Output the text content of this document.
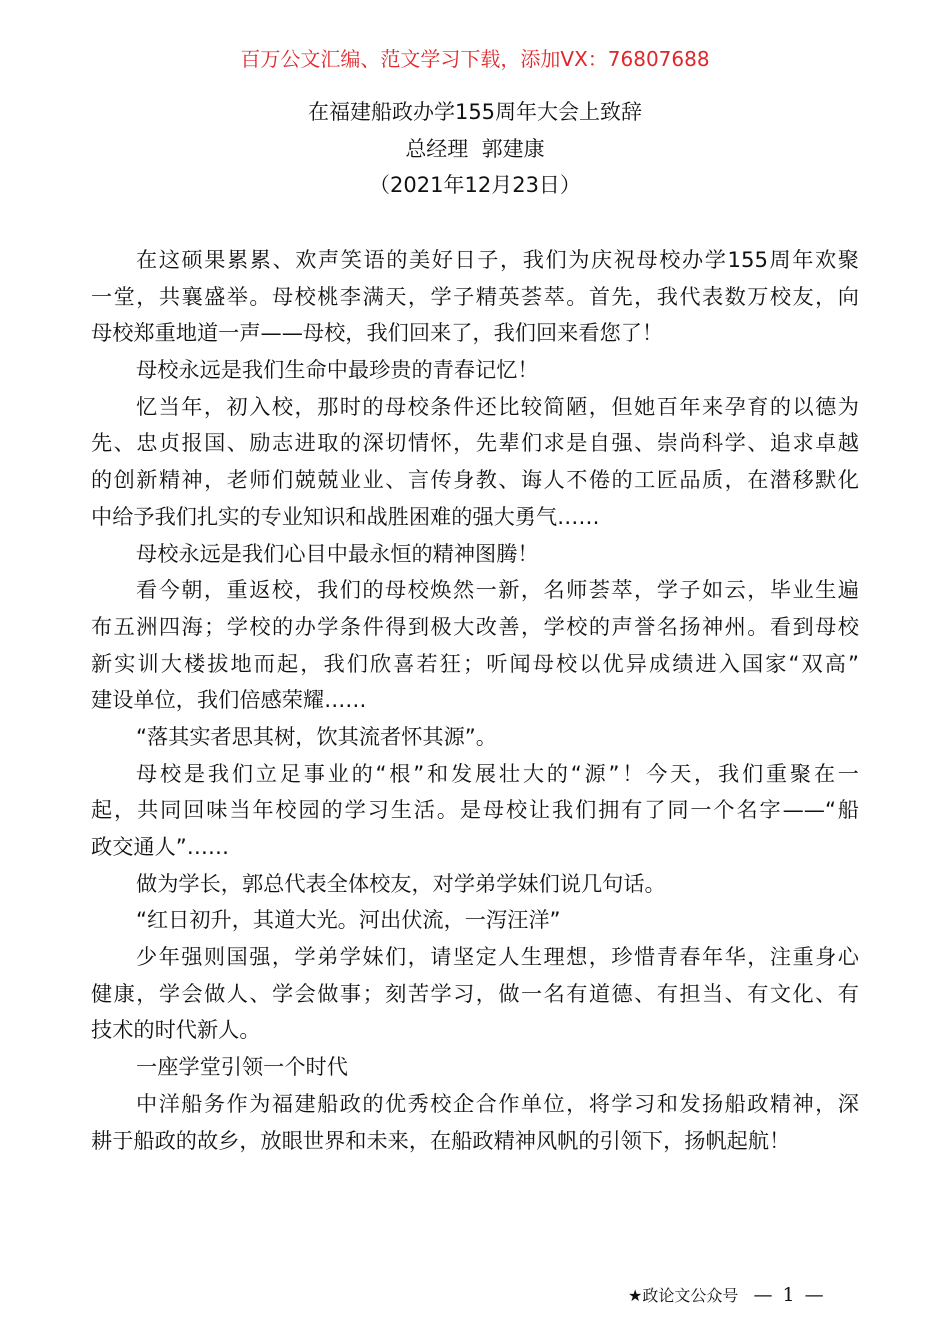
百万公文汇编、范文学习下载，添加VX：76807688
在福建船政办学155周年大会上致辞
总经理  郭建康
（2021年12月23日）
在这硕果累累、欢声笑语的美好日子，我们为庆祝母校办学155周年欢聚
一堂，共襄盛举。母校桃李满天，学子精英荟萃。首先，我代表数万校友，向
母校郑重地道一声——母校，我们回来了，我们回来看您了！
母校永远是我们生命中最珍贵的青春记忆！
忆当年，初入校，那时的母校条件还比较简陋，但她百年来孕育的以德为
先、忠贞报国、励志进取的深切情怀，先辈们求是自强、崇尚科学、追求卓越
的创新精神，老师们兢兢业业、言传身教、诲人不倦的工匠品质，在潜移默化
中给予我们扎实的专业知识和战胜困难的强大勇气……
母校永远是我们心目中最永恒的精神图腾！
看今朝，重返校，我们的母校焕然一新，名师荟萃，学子如云，毕业生遍
布五洲四海；学校的办学条件得到极大改善，学校的声誉名扬神州。看到母校
新实训大楼拔地而起，我们欣喜若狂；听闻母校以优异成绩进入国家“双高”
建设单位，我们倍感荣耀……
“落其实者思其树，饮其流者怀其源”。
母校是我们立足事业的“根”和发展壮大的“源”！今天，我们重聚在一
起，共同回味当年校园的学习生活。是母校让我们拥有了同一个名字——“船
政交通人”……
做为学长，郭总代表全体校友，对学弟学妹们说几句话。
“红日初升，其道大光。河出伏流，一泻汪洋”
少年强则国强，学弟学妹们，请坚定人生理想，珍惜青春年华，注重身心
健康，学会做人、学会做事；刻苦学习，做一名有道德、有担当、有文化、有
技术的时代新人。
一座学堂引领一个时代
中洋船务作为福建船政的优秀校企合作单位，将学习和发扬船政精神，深
耕于船政的故乡，放眼世界和未来，在船政精神风帆的引领下，扬帆起航！
★政论文公众号 — 1 —
